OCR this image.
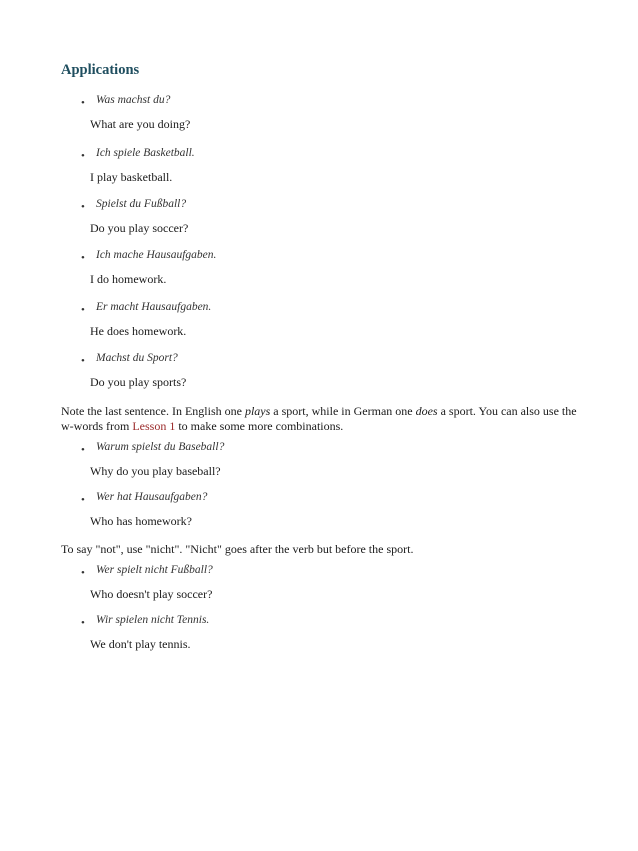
Applications
• Was machst du?
What are you doing?
• Ich spiele Basketball.
I play basketball.
• Spielst du Fußball?
Do you play soccer?
• Ich mache Hausaufgaben.
I do homework.
• Er macht Hausaufgaben.
He does homework.
• Machst du Sport?
Do you play sports?
Note the last sentence. In English one plays a sport, while in German one does a sport. You can also use the w-words from Lesson 1 to make some more combinations.
• Warum spielst du Baseball?
Why do you play baseball?
• Wer hat Hausaufgaben?
Who has homework?
To say "not", use "nicht". "Nicht" goes after the verb but before the sport.
• Wer spielt nicht Fußball?
Who doesn't play soccer?
• Wir spielen nicht Tennis.
We don't play tennis.
